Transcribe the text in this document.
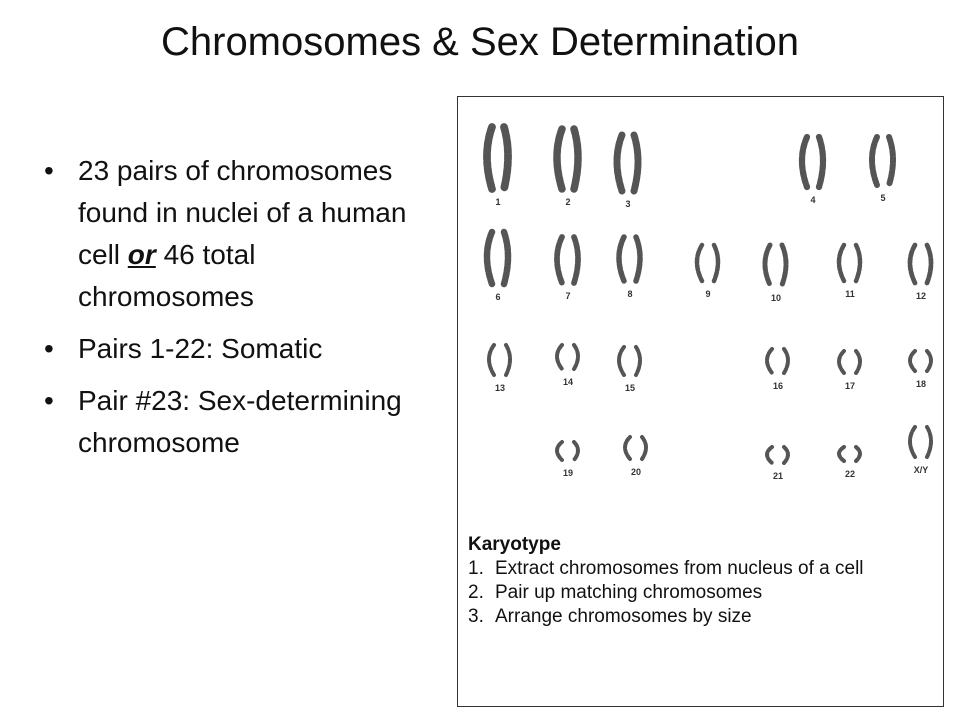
Chromosomes & Sex Determination
• 23 pairs of chromosomes found in nuclei of a human cell or 46 total chromosomes
• Pairs 1-22: Somatic
• Pair #23: Sex-determining chromosome
1	2	3	4	5
6	7	8	9	10	11	12
13
14
15	16	17	18
19	20	21	22	X/Y
Karyotype
1. Extract chromosomes from nucleus of a cell
2. Pair up matching chromosomes
3. Arrange chromosomes by size
